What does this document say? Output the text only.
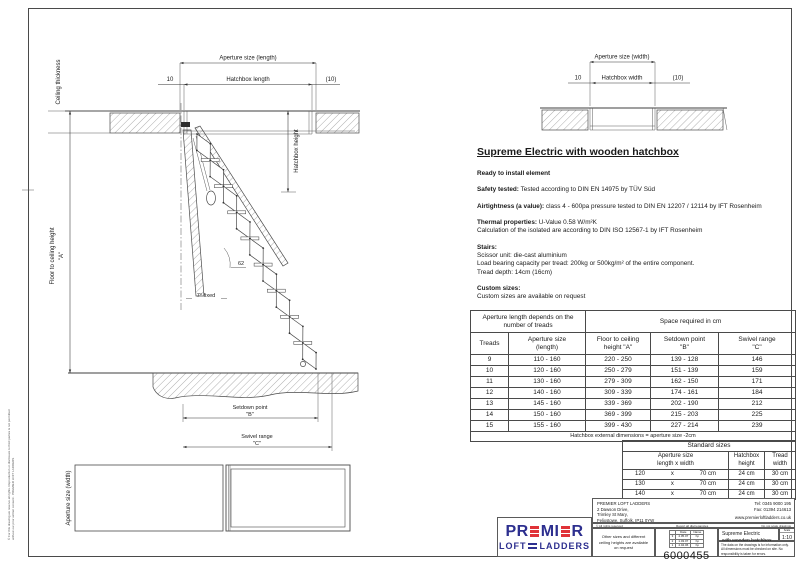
Aperture size (length)
Hatchbox length
10	(10)
Ceiling thickness
Floor to ceiling height "A"
Hatchbox height
62
7° fixed
Setdown point
"B"
Swivel range
"C"
Aperture size (width)
Hatchbox width
10	(10)
Aperture size (width)
Supreme Electric with wooden hatchbox

Ready to install element

Safety tested: Tested according to DIN EN 14975 by TÜV Süd

Airtightness (a value): class 4 - 600pa pressure tested to DIN EN 12207 / 12114 by IFT Rosenheim

Thermal properties: U-Value 0.58 W/m²K

Calculation of the isolated are according to DIN ISO 12567-1 by IFT Rosenheim

Stairs:

Scissor unit: die-cast aluminium

Load bearing capacity per tread: 200kg or 500kg/m² of the entire component.

Tread depth: 14cm (16cm)

Custom sizes:

Custom sizes are available on request

Aperture length depends on the number of treads		Space required in cm		

Treads

Aperture size
(length)

Floor to ceiling
height "A"

Setdown point
"B"

Swivel range
"C"

9	110 - 160	220 - 250	139 - 128	146
10	120 - 160	250 - 279	151 - 139	159
11	130 - 160	279 - 309	162 - 150	171
12	140 - 160	309 - 339	174 - 161	184
13	145 - 160	339 - 369	202 - 190	212
14	150 - 160	369 - 399	215 - 203	225
15	155 - 160	399 - 430	227 - 214	239
Hatchbox external dimensions = aperture size -2cm				
Standard sizes		

Aperture size
length x width

Hatchbox
height

Tread width

120 x 70 cm	24 cm	30 cm

130 x 70 cm	24 cm	30 cm

140 x 70 cm	24 cm	30 cm
PR MI R
LOFT LADDERS
PREMIER LOFT LADDERS
2 Dawson Drive,
Trimley St Mary,
Felixstowe, Suffolk, IP11 0YW
Tel: 0345 9000 195
Fax: 01394 214613
www.premierloftladders.co.uk
© All rights reserved	Report all discrepancies	Do not scale drawings
Other sizes and different ceiling heights are available on request
	Date	Name
3	4.05.07	hp
2	1.03.07	hp
1	4.04.06	hp
6000455
Supreme Electric
Scale
1:10
The data on the drawings is for information only. All dimensions must be checked on site. No responsibility is taken for errors.
© For this drawing we reserve all rights. Reproduction or disclosure to third parties is not permitted without our prior written consent · PREMIER LOFT LADDERS
